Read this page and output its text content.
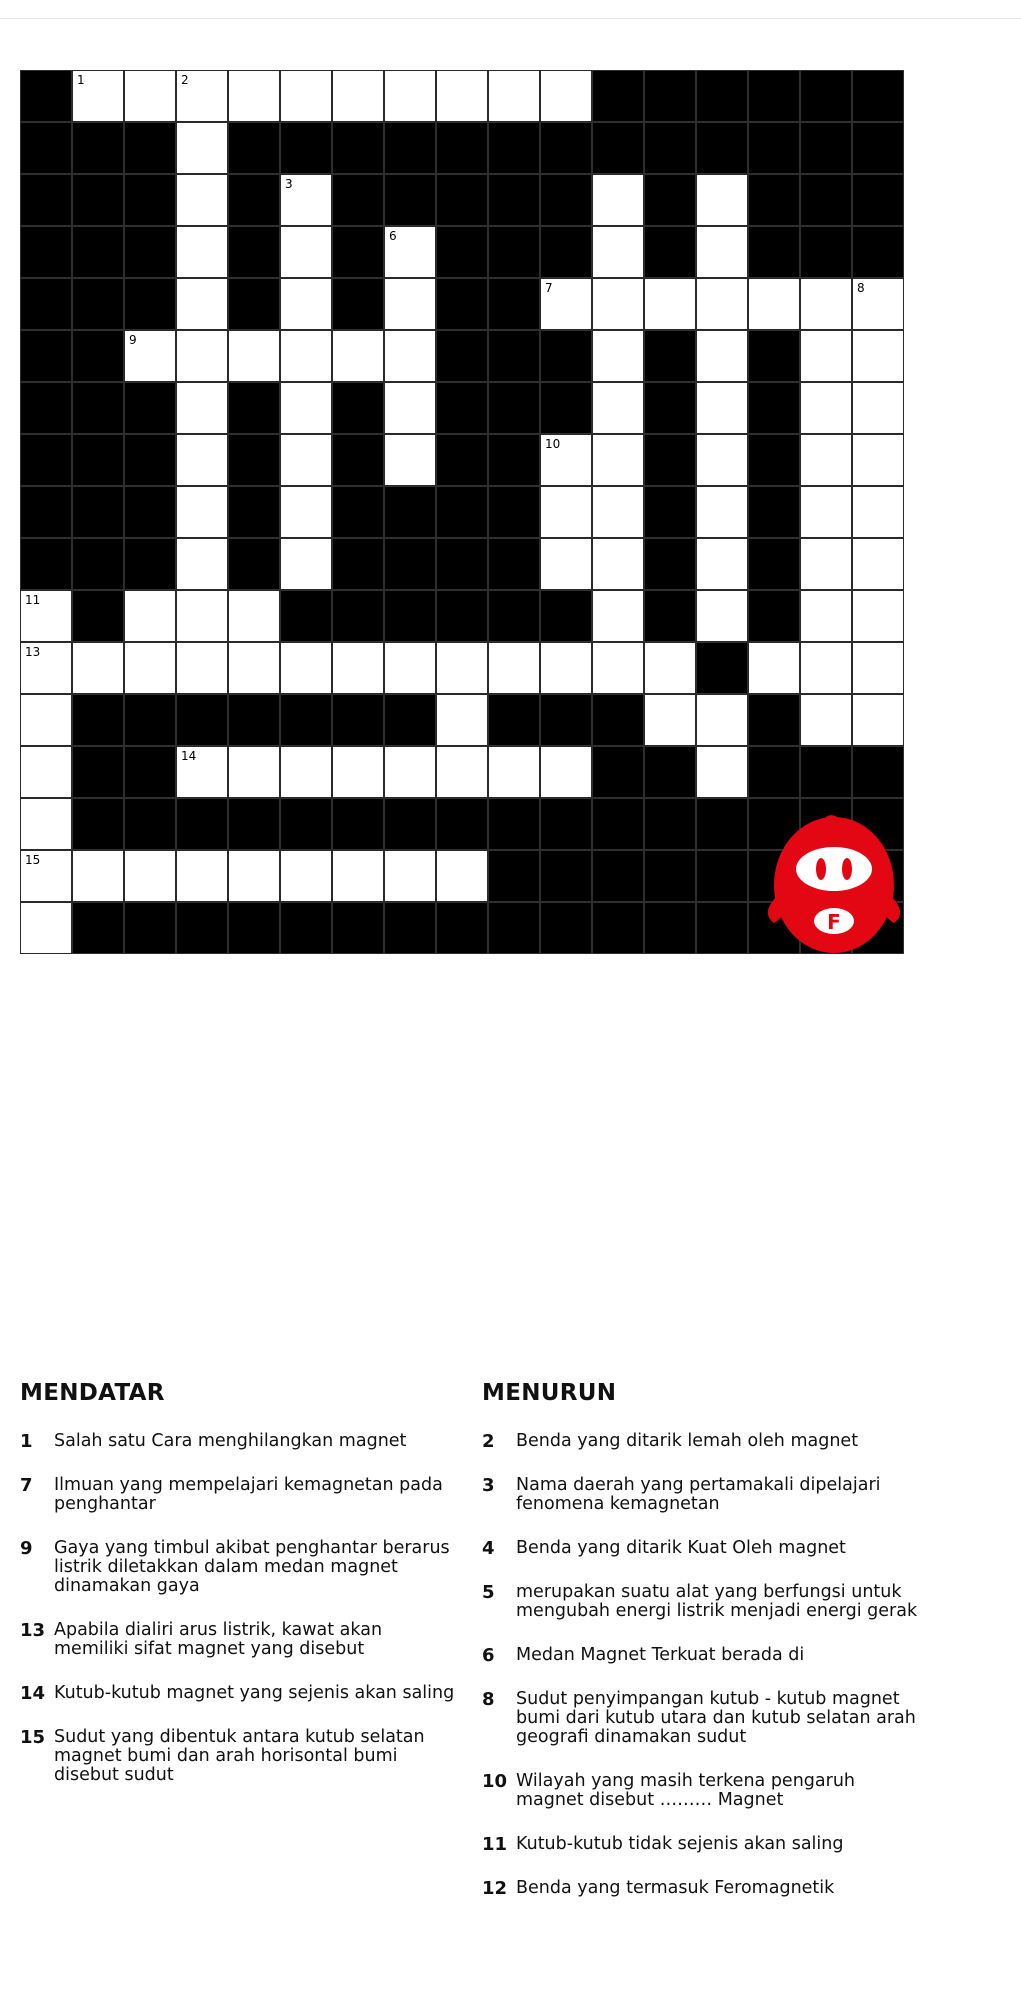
1	2
3	4	5
6
7	8
9
10
11	12
13
14
15
F
MENDATAR	MENURUN
1	Salah satu Cara menghilangkan magnet
7	Ilmuan yang mempelajari kemagnetan pada penghantar
9	Gaya yang timbul akibat penghantar berarus listrik diletakkan dalam medan magnet dinamakan gaya
13 Apabila dialiri arus listrik, kawat akan memiliki sifat magnet yang disebut
14 Kutub-kutub magnet yang sejenis akan saling
15 Sudut yang dibentuk antara kutub selatan magnet bumi dan arah horisontal bumi disebut sudut
2	Benda yang ditarik lemah oleh magnet
3	Nama daerah yang pertamakali dipelajari fenomena kemagnetan
4	Benda yang ditarik Kuat Oleh magnet
5	merupakan suatu alat yang berfungsi untuk mengubah energi listrik menjadi energi gerak
6	Medan Magnet Terkuat berada di
8	Sudut penyimpangan kutub - kutub magnet bumi dari kutub utara dan kutub selatan arah geografi dinamakan sudut
10 Wilayah yang masih terkena pengaruh magnet disebut ……… Magnet
11 Kutub-kutub tidak sejenis akan saling
12 Benda yang termasuk Feromagnetik
